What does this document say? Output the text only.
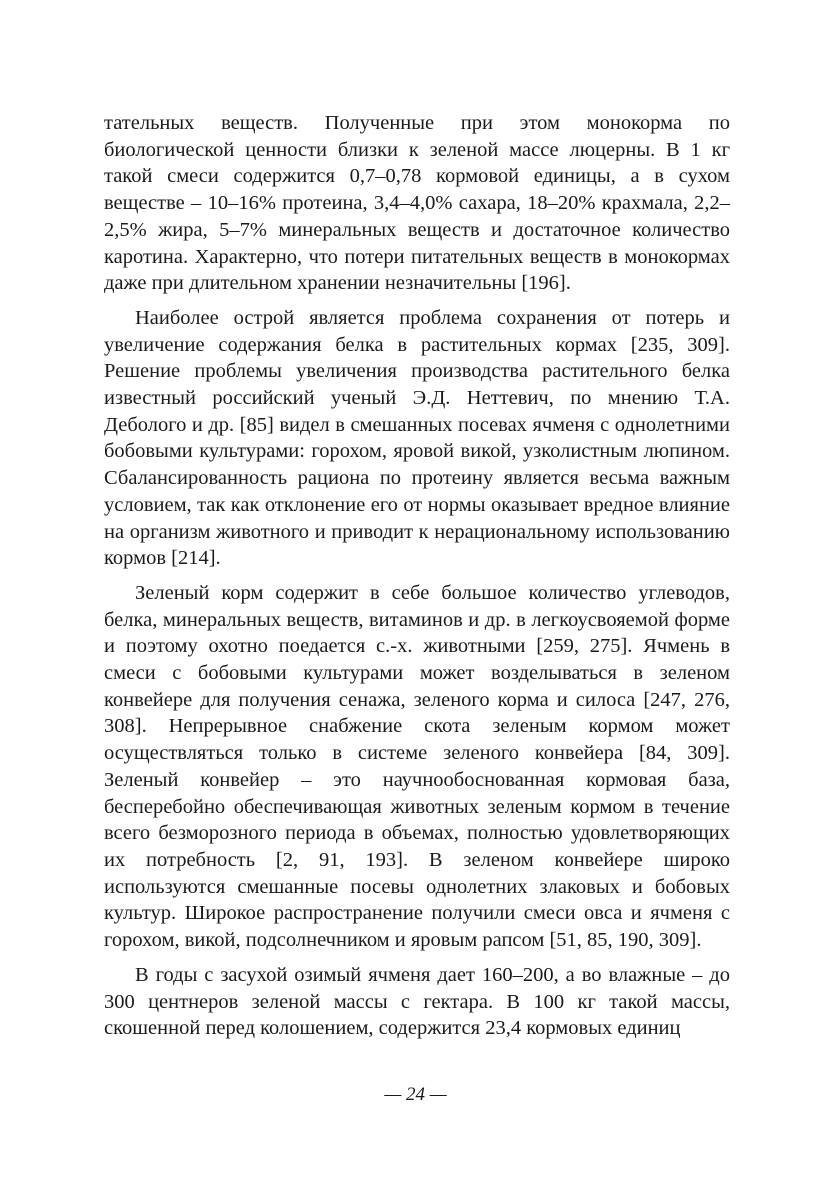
тательных веществ. Полученные при этом монокорма по биологической ценности близки к зеленой массе люцерны. В 1 кг такой смеси содержится 0,7–0,78 кормовой единицы, а в сухом веществе – 10–16% протеина, 3,4–4,0% сахара, 18–20% крахмала, 2,2–2,5% жира, 5–7% минеральных веществ и достаточное количество каротина. Характерно, что потери питательных веществ в монокормах даже при длительном хранении незначительны [196].

Наиболее острой является проблема сохранения от потерь и увеличение содержания белка в растительных кормах [235, 309]. Решение проблемы увеличения производства растительного белка известный российский ученый Э.Д. Неттевич, по мнению Т.А. Деболого и др. [85] видел в смешанных посевах ячменя с однолетними бобовыми культурами: горохом, яровой викой, узколистным люпином. Сбалансированность рациона по протеину является весьма важным условием, так как отклонение его от нормы оказывает вредное влияние на организм животного и приводит к нерациональному использованию кормов [214].

Зеленый корм содержит в себе большое количество углеводов, белка, минеральных веществ, витаминов и др. в легкоусвояемой форме и поэтому охотно поедается с.-х. животными [259, 275]. Ячмень в смеси с бобовыми культурами может возделываться в зеленом конвейере для получения сенажа, зеленого корма и силоса [247, 276, 308]. Непрерывное снабжение скота зеленым кормом может осуществляться только в системе зеленого конвейера [84, 309]. Зеленый конвейер – это научнообоснованная кормовая база, бесперебойно обеспечивающая животных зеленым кормом в течение всего безморозного периода в объемах, полностью удовлетворяющих их потребность [2, 91, 193]. В зеленом конвейере широко используются смешанные посевы однолетних злаковых и бобовых культур. Широкое распространение получили смеси овса и ячменя с горохом, викой, подсолнечником и яровым рапсом [51, 85, 190, 309].

В годы с засухой озимый ячменя дает 160–200, а во влажные – до 300 центнеров зеленой массы с гектара. В 100 кг такой массы, скошенной перед колошением, содержится 23,4 кормовых единиц

— 24 —
